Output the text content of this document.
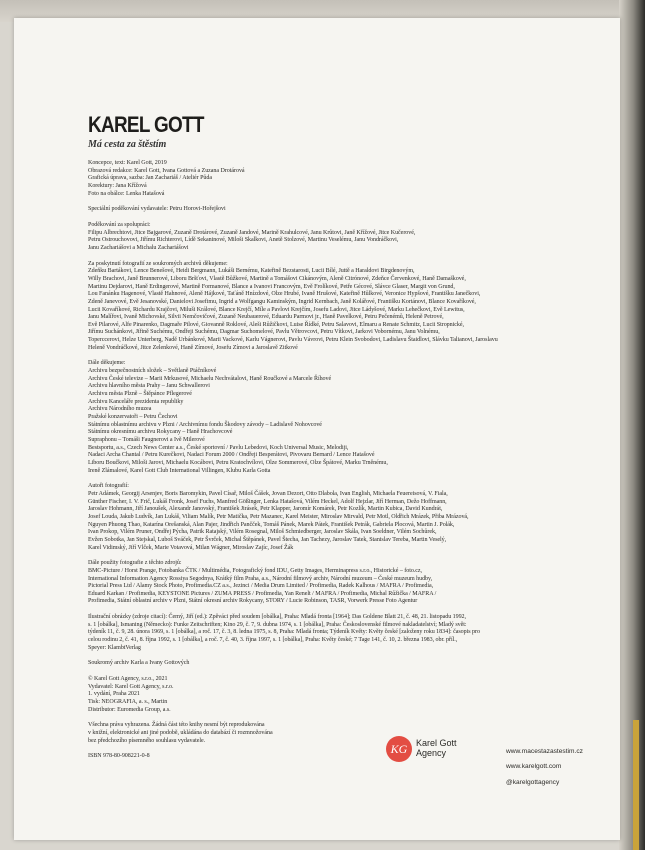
KAREL GOTT
Má cesta za štěstím

Koncepce, text: Karel Gott, 2019

Obrazová redakce: Karel Gott, Ivana Gottová a Zuzana Drotárová

Grafická úprava, sazba: Jan Zachariáš / Ateliér Půda

Korektury: Jana Křížová

Foto na obálce: Lenka Hatašová

Speciální poděkování vydavatele: Petru Horovi-Hořejšovi

Poděkování za spolupráci:

Filipu Albrechtovi, Jitce Bajgarové, Zuzaně Drotárové, Zuzaně Jandové, Marině Krahulcové, Janu Krůtovi, Janě Křížové, Jitce Kučerové,

Petru Ostrouchovovi, Jiřímu Richterovi, Lídě Sekaninové, Miloši Skalkovi, Anetě Stolzové, Martinu Veselému, Janu Vondráčkovi,

Janu Zachariášovi a Michalu Zachariášovi

Za poskytnutí fotografií ze soukromých archivů děkujeme:

Zdeňku Bartákovi, Lence Benešové, Heidi Bergmann, Lukáši Bernému, Kateřině Bezstarosti, Lucii Bílé, Juttě a Haraldovi Birgdenovým,

Willy Brachovi, Janě Brunnerové, Liboru Bršťovi, Vlastě Bůžkové, Martině a Tomášovi Cikánovým, Aleně Citrónové, Zdeňce Červenkové, Haně Damaškové,

Martinu Dejdarovi, Haně Erdingerové, Martině Formanové, Blance a Ivanovi Francovým, Evě Frolíkové, Petře Gécové, Slávce Glaser, Margit von Grund,

Lou Fanánku Hagenové, Vlastě Hahnové, Aleně Hájkové, Taťáně Hnízdové, Olze Hrubé, Ivaně Hrušové, Kateřině Hůlkové, Veronice Hypšové, Františku Janečkovi,

Zdeně Janevové, Evě Jesanovské, Danielovi Josefimu, Ingrid a Wolfgangu Kaminským, Ingrid Kernbach, Janě Kolářové, Františku Kortánovi, Blance Kovaříkové,

Lucii Kovaříkové, Richardu Krajčovi, Miluši Králové, Blance Krejčí, Míle a Pavlovi Krejčím, Josefu Ladovi, Jitce Ládyšové, Marku Lehečkovi, Evě Lewitus,

Janu Malířovi, Ivaně Michovské, Silvii Nemčovičové, Zuzaně Neubauerové, Eduardu Parmovi jr., Haně Pavelkové, Petru Pečenémů, Heleně Petrové,

Evě Pilarové, Alfe Pinarenko, Dagmaře Pilové, Giovanně Roklové, Aleši Růžičkovi, Luise Řídké, Petru Salavovi, Elmaru a Renate Schmitz, Lucii Stropnické,

Jiřímu Suchánkovi, Jiřině Suchému, Ondřeji Suchému, Dagmar Suchomelové, Pavlu Větrovcovi, Petru Vítkovi, Jarkovi Vobornému, Janu Volnému,

Toperccerovi, Helze Unterberg, Nadě Urbánkové, Marii Vackové, Karlu Vágnerovi, Pavlu Vávrovi, Petru Klein Svobodovi, Ladislavu Štaidlovi, Slávku Talianovi, Jaroslavu

Heleně Vondráčkové, Jitce Zelenkové, Haně Zímové, Josefu Zímovi a Jaroslavě Zitkové

Dále děkujeme:

Archivu bezpečnostních složek – Světlaně Ptáčníkové

Archivu České televize – Marii Mrkusové, Michaelu Nechvátalovi, Haně Roučkové a Marcele Říhové

Archivu hlavního města Prahy – Janu Schwallerovi

Archivu města Plzně – Štěpánce Pflegerové

Archivu Kanceláře prezidenta republiky

Archivu Národního muzea

Pražské konzervatoři – Petru Čechovi

Státnímu oblastnímu archivu v Plzni / Archivnímu fondu Škodovy závody – Ladislavě Nohovcové

Státnímu okresnímu archivu Rokycany – Haně Hrachovcové

Supraphonu – Tomáši Faugnerovi a Ivě Milerové

Bestsportu, a.s., Czech News Center a.s., České sportovní / Pavlu Lebedovi, Koch Universal Music, Melodiji,

Nadaci Archa Chantal / Petru Kurečkovi, Nadaci Forum 2000 / Ondřeji Besperátovi, Pivovaru Bernard / Lence Hatašové

Liboru Boučkovi, Miloši Jarovi, Michaelu Kocábovi, Petru Kratochvílovi, Olze Sommerové, Olze Špátové, Marku Trněnému,

Ireně Zlámalové, Karel Gott Club International Villingen, Klubu Karla Gotta

Autoři fotografií:

Petr Adámek, Georgij Arsenjev, Boris Baromykin, Pavel Císař, Miloš Čášek, Jovan Dezort, Otto Dlabola, Ivan English, Michaela Feuereisová, V. Fiala,

Günther Fischer, I. V. Frič, Lukáš Fronk, Josef Fuchs, Manfred Gößinger, Lenka Hatašová, Vilém Heckel, Adolf Hejzlar, Jiří Herman, Dežo Hoffmann,

Jaroslav Hohmann, Jiří Janoušek, Alexandr Janovský, František Jirásek, Petr Klapper, Jaromír Komárek, Petr Kozlík, Martin Kubica, David Kundrát,

Josef Louda, Jakub Ludvík, Jan Lukáš, Viliam Malík, Petr Matička, Petr Mazanec, Karel Meister, Miroslav Mirvald, Petr Motl, Oldřich Mrázek, Přiba Mrázová,

Nguyen Phuong Thao, Katarína Orešanská, Alan Pajer, Jindřich Pančček, Tomáš Pánek, Marek Pátek, František Petrák, Gabriela Plocová, Martin J. Polák,

Ivan Prokop, Vilém Pruner, Ondřej Pýcha, Patrik Ratajský, Vilém Rosegnal, Miloš Schmiedberger, Jaroslav Skála, Ivan Soeldner, Vilém Sochůrek,

Evžen Sobotka, Jan Stejskal, Luboš Sváček, Petr Švrček, Michal Štěpánek, Pavel Štecha, Jan Tachezy, Jaroslav Tatek, Stanislav Tereba, Martin Veselý,

Karel Vidimský, Jiří Vlček, Marie Votavová, Milan Wágner, Miroslav Zajíc, Josef Žák

Dále použity fotografie z těchto zdrojů:

BMC-Picture / Horst Prange, Fotobanka ČTK / Multimédia, Fotografický fond IDU, Getty Images, Herminapress s.r.o., Historické – foto.cz,

International Information Agency Rossiya Segodnya, Krátký film Praha, a.s., Národní filmový archiv, Národní muzeum – České muzeum hudby,

Pictorial Press Ltd / Alamy Stock Photo, Profimedia.CZ a.s., Jezinci / Media Drum Limited / Profimedia, Radek Kalhous / MAFRA / Profimedia,

Eduard Karkan / Profimedia, KEYSTONE Pictures / ZUMA PRESS / Profimedia, Yan Renelt / MAFRA / Profimedia, Michal Růžička / MAFRA /

Profimedia, Státní oblastní archiv v Plzni, Státní okresní archiv Rokycany, STORY / Lucie Robinson, TASR, Vorwerk Presse Foto Agentur

Ilustrační obrázky (zdroje citací): Černý, Jiří (ed.): Zpěváci před soudem [obálka], Praha: Mladá fronta [1964]; Das Goldene Blatt 21, č. 48, 21. listopadu 1992,

s. 1 [obálka], Ismaning (Německo): Funke Zeitschriften; Kino 29, č. 7, 9. dubna 1974, s. 1 [obálka], Praha: Československé filmové nakladatelství; Mladý svět:

týdeník 11, č. 9, 28. února 1969, s. 1 [obálka], a roč. 17, č. 3, 8. ledna 1975, s. 8, Praha: Mladá fronta; Týdeník Květy: Květy české [založeny roku 1834]: časopis pro

celou rodinu 2, č. 41, 8. října 1992, s. 1 [obálka], a roč. 7, č. 40, 3. října 1997, s. 1 [obálka], Praha: Květy české; 7 Tage 141, č. 10, 2. března 1983, obr. příl.,

Speyer: KlambtVerlag

Soukromý archiv Karla a Ivany Gottových

© Karel Gott Agency, s.r.o., 2021

Vydavatel: Karel Gott Agency, s.r.o.

1. vydání, Praha 2021

Tisk: NEOGRAFIA, a. s., Martin

Distributor: Euromedia Group, a.s.

Všechna práva vyhrazena. Žádná část této knihy nesmí být reprodukována

v knižní, elektronické ani jiné podobě, ukládána do databází či rozmnožována

bez předchozího písemného souhlasu vydavatele.

ISBN 978-80-908221-0-8

KG Karel Gott
Agency	www.macestazastestim.cz

www.karelgott.com

@karelgottagency
